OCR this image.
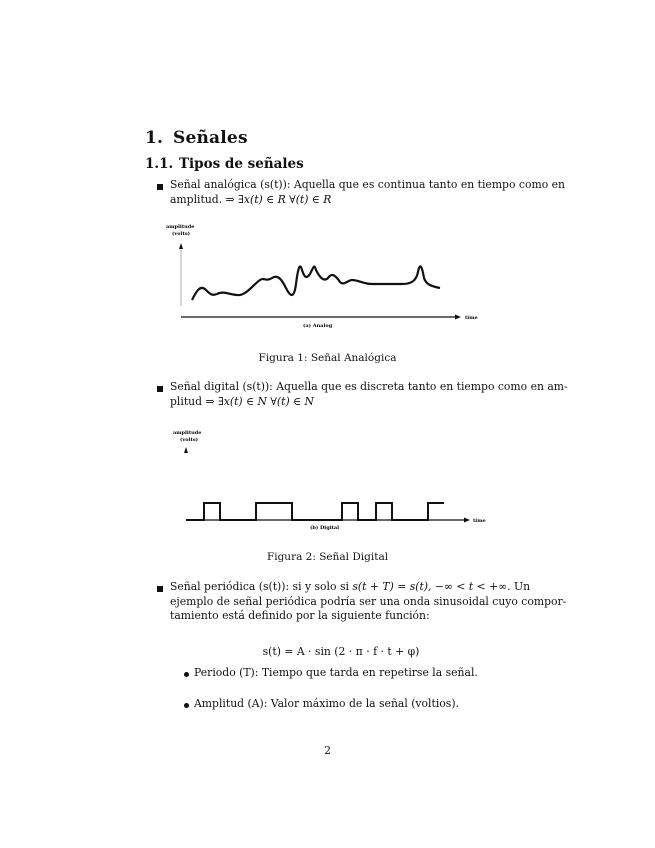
1. Señales
1.1. Tipos de señales
Señal analógica (s(t)): Aquella que es continua tanto en tiempo como en
amplitud. ⇒ ∃x(t) ∈ R ∀(t) ∈ R
amplitude
(volts)
time
(a) Analog
Figura 1: Señal Analógica
Señal digital (s(t)): Aquella que es discreta tanto en tiempo como en am-
plitud ⇒ ∃x(t) ∈ N ∀(t) ∈ N
amplitude
(volts)
time
(b) Digital
Figura 2: Señal Digital
Señal periódica (s(t)): si y solo si s(t + T) = s(t), −∞ < t < +∞. Un
ejemplo de señal periódica podría ser una onda sinusoidal cuyo compor-
tamiento está definido por la siguiente función:
s(t) = A · sin (2 · π · f · t + φ)
Periodo (T): Tiempo que tarda en repetirse la señal.
Amplitud (A): Valor máximo de la señal (voltios).
2
